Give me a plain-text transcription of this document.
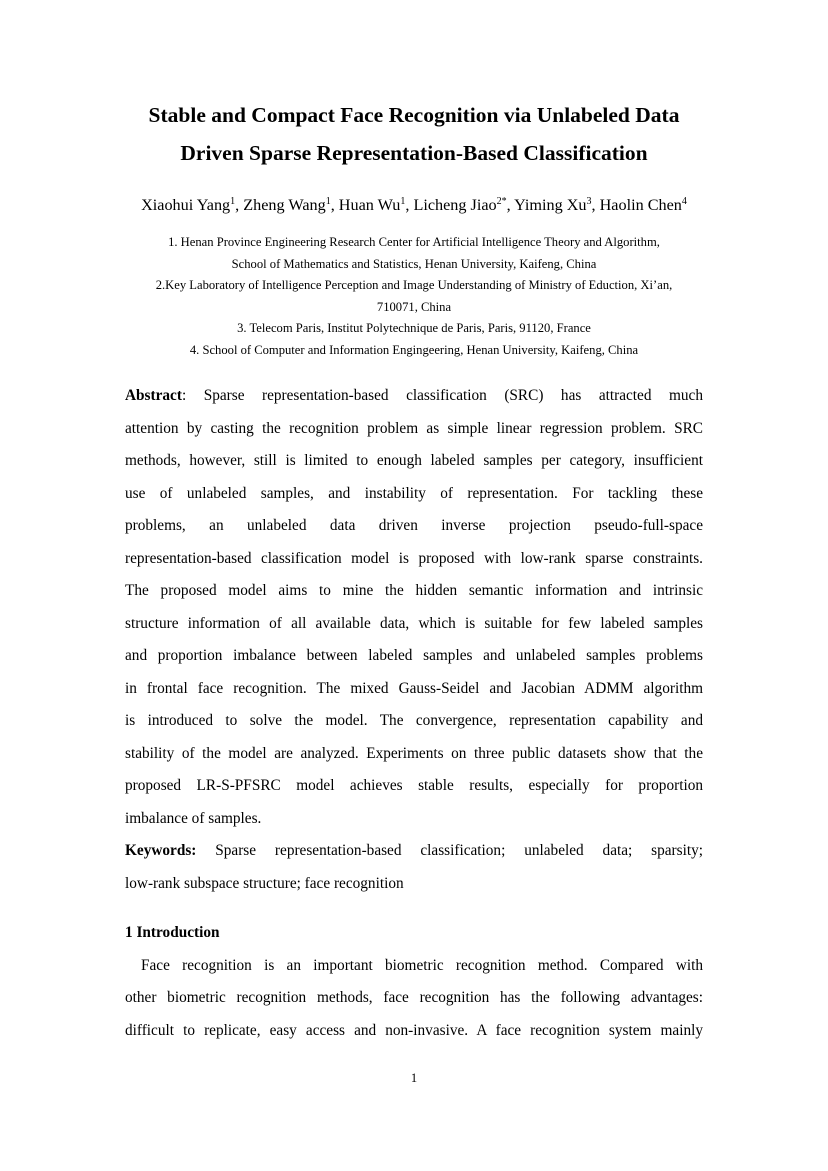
Stable and Compact Face Recognition via Unlabeled Data
Driven Sparse Representation-Based Classification
Xiaohui Yang$^1$, Zheng Wang$^1$, Huan Wu$^1$, Licheng Jiao$^{2*}$, Yiming Xu$^3$, Haolin Chen$^4$
1. Henan Province Engineering Research Center for Artificial Intelligence Theory and Algorithm,
School of Mathematics and Statistics, Henan University, Kaifeng, China
2.Key Laboratory of Intelligence Perception and Image Understanding of Ministry of Eduction, Xi’an,
710071, China
3. Telecom Paris, Institut Polytechnique de Paris, Paris, 91120, France
4. School of Computer and Information Engingeering, Henan University, Kaifeng, China
Abstract: Sparse representation-based classification (SRC) has attracted much
attention by casting the recognition problem as simple linear regression problem. SRC
methods, however, still is limited to enough labeled samples per category, insufficient
use of unlabeled samples, and instability of representation. For tackling these
problems, an unlabeled data driven inverse projection pseudo-full-space
representation-based classification model is proposed with low-rank sparse constraints.
The proposed model aims to mine the hidden semantic information and intrinsic
structure information of all available data, which is suitable for few labeled samples
and proportion imbalance between labeled samples and unlabeled samples problems
in frontal face recognition. The mixed Gauss-Seidel and Jacobian ADMM algorithm
is introduced to solve the model. The convergence, representation capability and
stability of the model are analyzed. Experiments on three public datasets show that the
proposed LR-S-PFSRC model achieves stable results, especially for proportion
imbalance of samples.
Keywords: Sparse representation-based classification; unlabeled data; sparsity;
low-rank subspace structure; face recognition
1 Introduction
Face recognition is an important biometric recognition method. Compared with
other biometric recognition methods, face recognition has the following advantages:
difficult to replicate, easy access and non-invasive. A face recognition system mainly
1
